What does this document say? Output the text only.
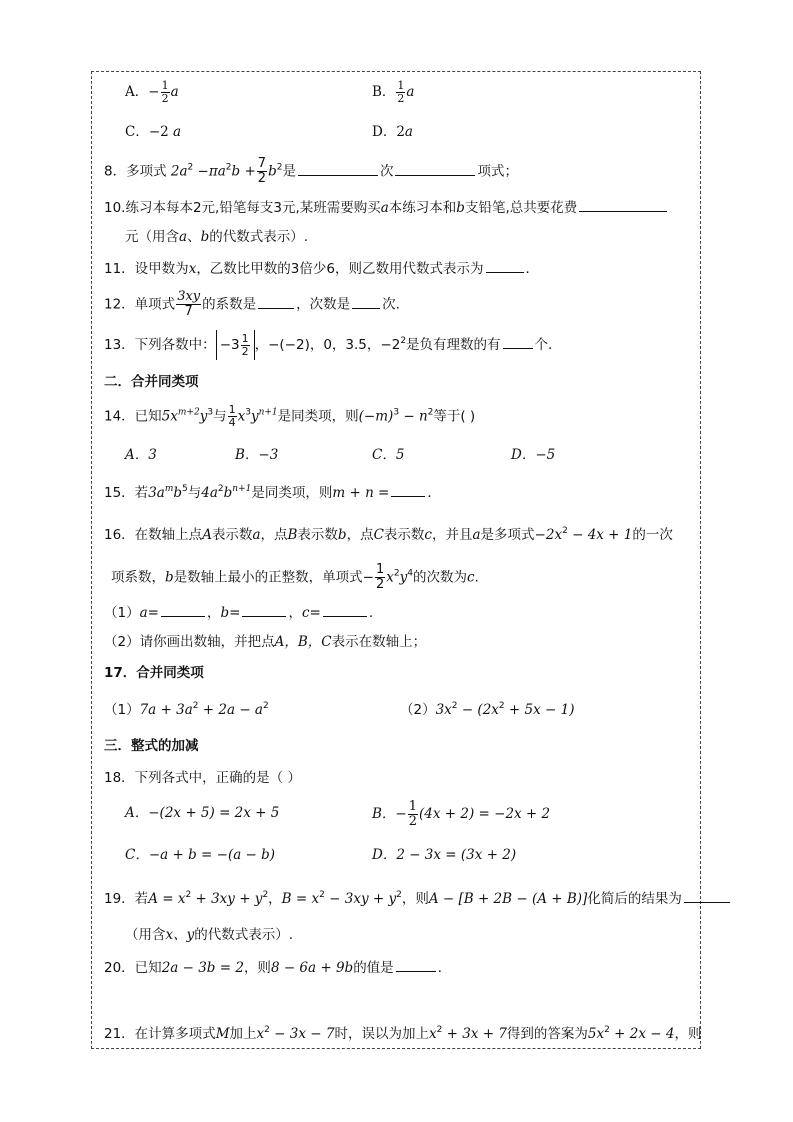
A．− $\frac{1}{2}$ a	B． $\frac{1}{2}$ a
C．−2 a	D．2a
8．多项式 $2a^2 -\pi a^2b + \frac{7}{2} b^2$是	次	项式；
10.练习本每本2元,铅笔每支3元,某班需要购买a本练习本和b支铅笔,总共要花费
元（用含a、b的代数式表示）.
11．设甲数为x，乙数比甲数的3倍少6，则乙数用代数式表示为	．
12．单项式 $\frac{3xy}{7}$ 的系数是	，次数是 次.
13．下列各数中： $-3 \frac{1}{2}$ ，−(−2)，0，3.5，$-2^2$是负有理数的有	个.
二．合并同类项
14．已知$5x^{m+2}y^3$与 $\frac{1}{4} x^3y^{n+1}$是同类项，则$(-m)^3 - n^2$等于( )
A．3	B．−3	C．5	D．−5
15．若$3a^mb^5$与$4a^2b^{n+1}$是同类项，则m + n =	．
16．在数轴上点A表示数a，点B表示数b，点C表示数c，并且a是多项式$-2x^2 - 4x + 1$的一次
项系数，b是数轴上最小的正整数，单项式− $\frac{1}{2} x^2y^4$的次数为c.
（1）a=	，b=	，c=	.
（2）请你画出数轴，并把点A，B，C表示在数轴上；
17．合并同类项
$(1)7a + 3a^2 + 2a - a^2$	$(2)3x^2 - (2x^2 + 5x - 1)$
三．整式的加减
18．下列各式中，正确的是（ ）
A．−(2x + 5) = 2x + 5	B．− $\frac{1}{2} (4x + 2) = -2x + 2$
C．−a + b = −(a − b)	D．2 − 3x = (3x + 2)
19．若$A = x^2 + 3xy + y^2$，$B = x^2 - 3xy + y^2$，则A − [B + 2B − (A + B)]化简后的结果为
（用含x、y的代数式表示）.
20．已知2a − 3b = 2，则8 − 6a + 9b的值是	．
21．在计算多项式M加上$x^2 - 3x - 7$时，误以为加上$x^2 + 3x + 7$得到的答案为$5x^2 + 2x - 4$，则
